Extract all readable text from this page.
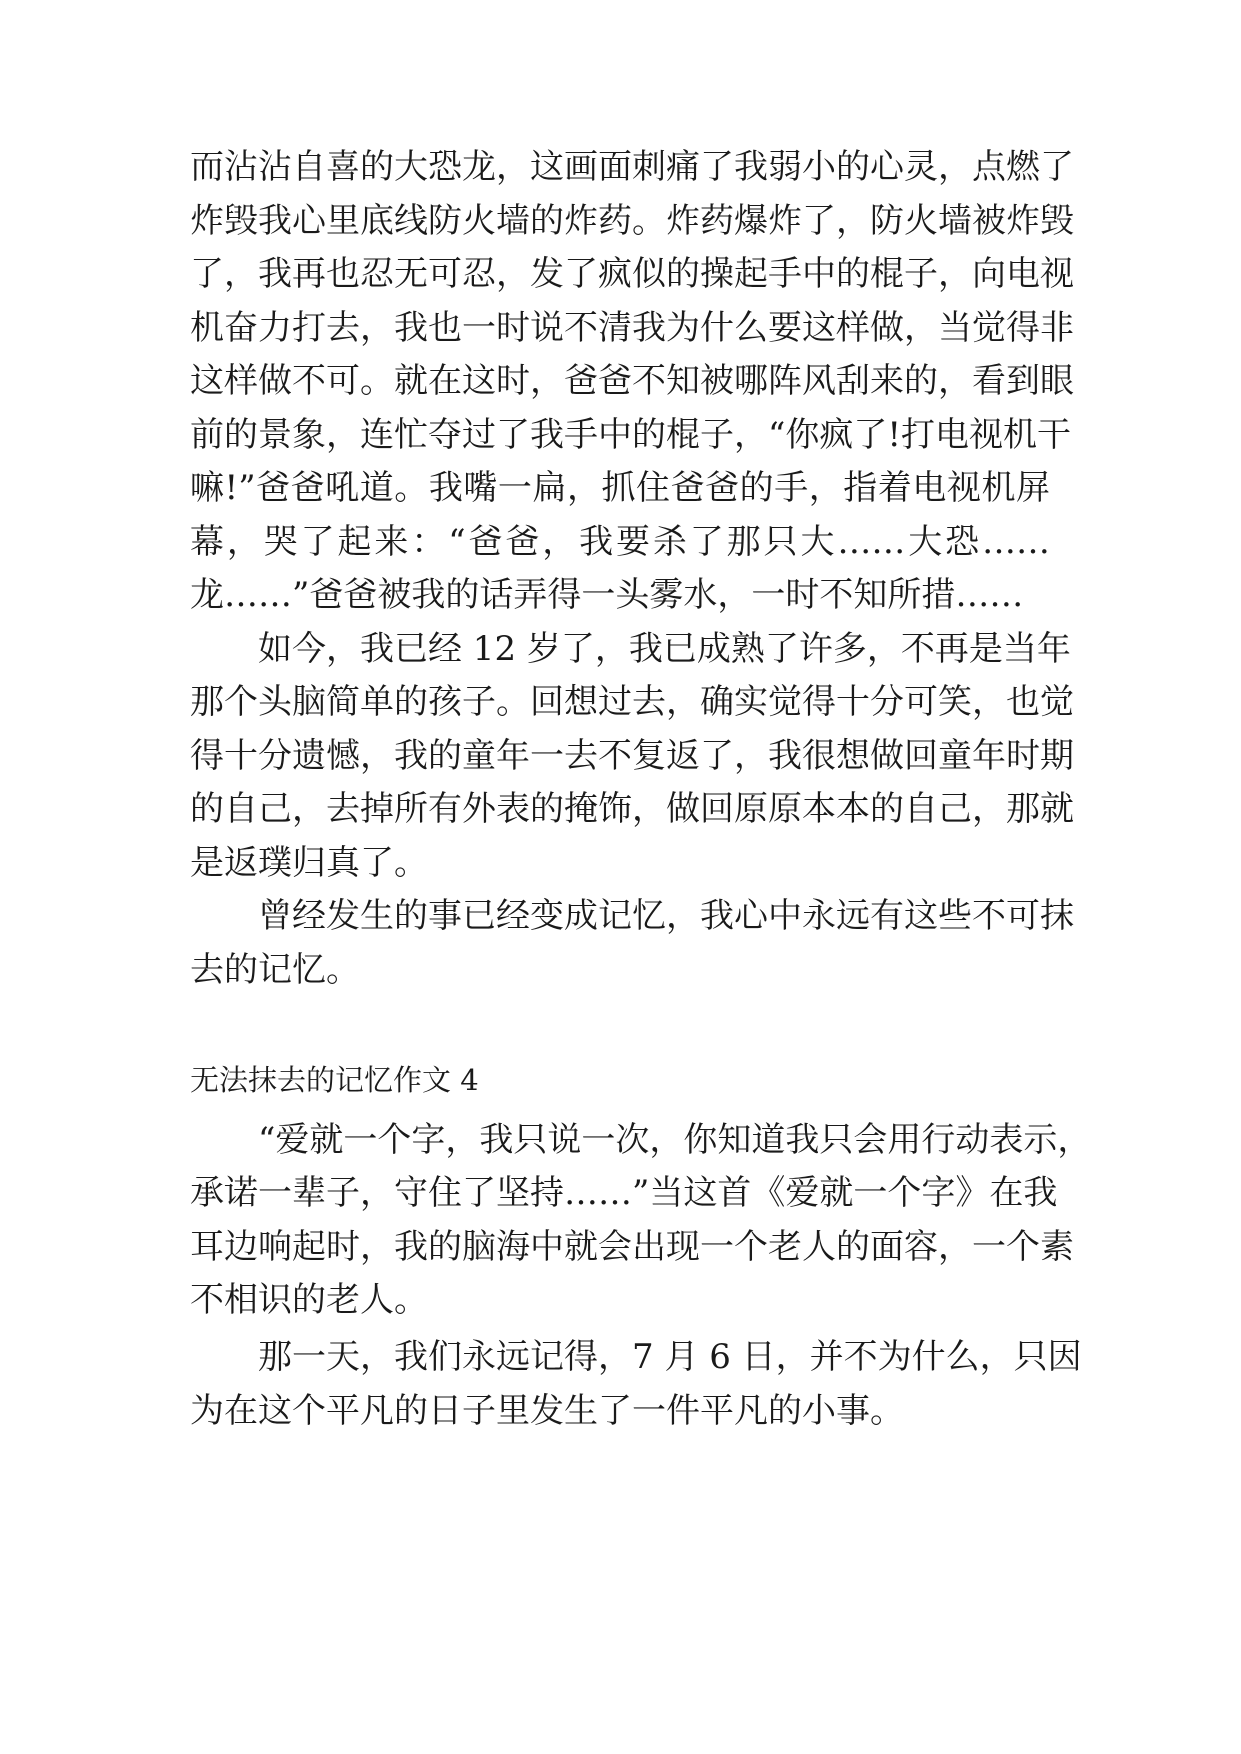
而沾沾自喜的大恐龙，这画面刺痛了我弱小的心灵，点燃了
炸毁我心里底线防火墙的炸药。炸药爆炸了，防火墙被炸毁
了，我再也忍无可忍，发了疯似的操起手中的棍子，向电视
机奋力打去，我也一时说不清我为什么要这样做，当觉得非
这样做不可。就在这时，爸爸不知被哪阵风刮来的，看到眼
前的景象，连忙夺过了我手中的棍子，“你疯了!打电视机干
嘛!”爸爸吼道。我嘴一扁，抓住爸爸的手，指着电视机屏
幕，哭了起来：“爸爸，我要杀了那只大……大恐……
龙……”爸爸被我的话弄得一头雾水，一时不知所措……
如今，我已经 12 岁了，我已成熟了许多，不再是当年
那个头脑简单的孩子。回想过去，确实觉得十分可笑，也觉
得十分遗憾，我的童年一去不复返了，我很想做回童年时期
的自己，去掉所有外表的掩饰，做回原原本本的自己，那就
是返璞归真了。
曾经发生的事已经变成记忆，我心中永远有这些不可抹
去的记忆。
无法抹去的记忆作文 4
“爱就一个字，我只说一次，你知道我只会用行动表示，
承诺一辈子，守住了坚持……”当这首《爱就一个字》在我
耳边响起时，我的脑海中就会出现一个老人的面容，一个素
不相识的老人。
那一天，我们永远记得，7 月 6 日，并不为什么，只因
为在这个平凡的日子里发生了一件平凡的小事。
